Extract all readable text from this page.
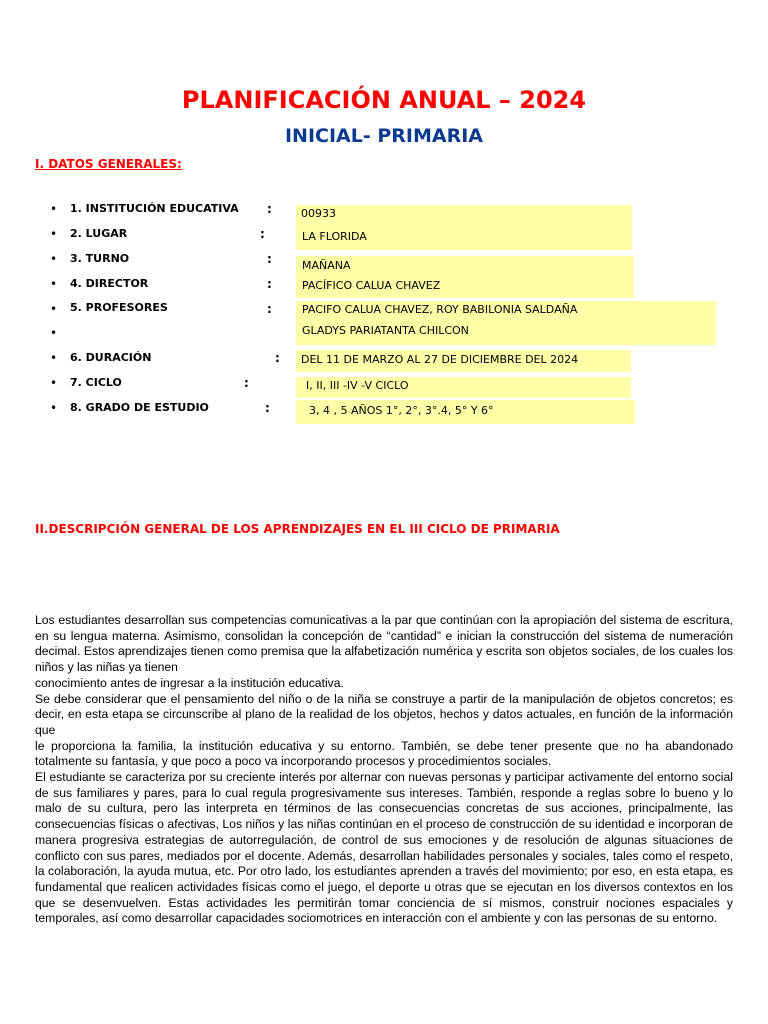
PLANIFICACIÓN ANUAL – 2024
INICIAL- PRIMARIA
I. DATOS GENERALES:
•
•
•
•
•
•
•
•
•
1. INSTITUCIÓN EDUCATIVA
2. LUGAR
3. TURNO
4. DIRECTOR
5. PROFESORES
6. DURACIÓN
7. CICLO
8. GRADO DE ESTUDIO
:
:
:
:
:
:
:
:
00933
LA FLORIDA
MAÑANA
PACÍFICO CALUA CHAVEZ
PACIFO CALUA CHAVEZ, ROY BABILONIA SALDAÑA
GLADYS PARIATANTA CHILCON
DEL 11 DE MARZO AL 27 DE DICIEMBRE DEL 2024
I, II, III -IV -V CICLO
3, 4 , 5 AÑOS 1°, 2°, 3°.4, 5° Y 6°
II.DESCRIPCIÓN GENERAL DE LOS APRENDIZAJES EN EL III CICLO DE PRIMARIA

Los estudiantes desarrollan sus competencias comunicativas a la par que continúan con la apropiación del sistema de escritura, en su lengua materna. Asimismo, consolidan la concepción de “cantidad” e inician la construcción del sistema de numeración decimal. Estos aprendizajes tienen como premisa que la alfabetización numérica y escrita son objetos sociales, de los cuales los niños y las niñas ya tienen

conocimiento antes de ingresar a la institución educativa.

Se debe considerar que el pensamiento del niño o de la niña se construye a partir de la manipulación de objetos concretos; es decir, en esta etapa se circunscribe al plano de la realidad de los objetos, hechos y datos actuales, en función de la información que

le proporciona la familia, la institución educativa y su entorno. También, se debe tener presente que no ha abandonado totalmente su fantasía, y que poco a poco va incorporando procesos y procedimientos sociales.

El estudiante se caracteriza por su creciente interés por alternar con nuevas personas y participar activamente del entorno social de sus familiares y pares, para lo cual regula progresivamente sus intereses. También, responde a reglas sobre lo bueno y lo malo de su cultura, pero las interpreta en términos de las consecuencias concretas de sus acciones, principalmente, las consecuencias físicas o afectivas, Los niños y las niñas continúan en el proceso de construcción de su identidad e incorporan de manera progresiva estrategias de autorregulación, de control de sus emociones y de resolución de algunas situaciones de conflicto con sus pares, mediados por el docente. Además, desarrollan habilidades personales y sociales, tales como el respeto, la colaboración, la ayuda mutua, etc. Por otro lado, los estudiantes aprenden a través del movimiento; por eso, en esta etapa, es fundamental que realicen actividades físicas como el juego, el deporte u otras que se ejecutan en los diversos contextos en los que se desenvuelven. Estas actividades les permitirán tomar conciencia de sí mismos, construir nociones espaciales y temporales, así como desarrollar capacidades sociomotrices en interacción con el ambiente y con las personas de su entorno.
